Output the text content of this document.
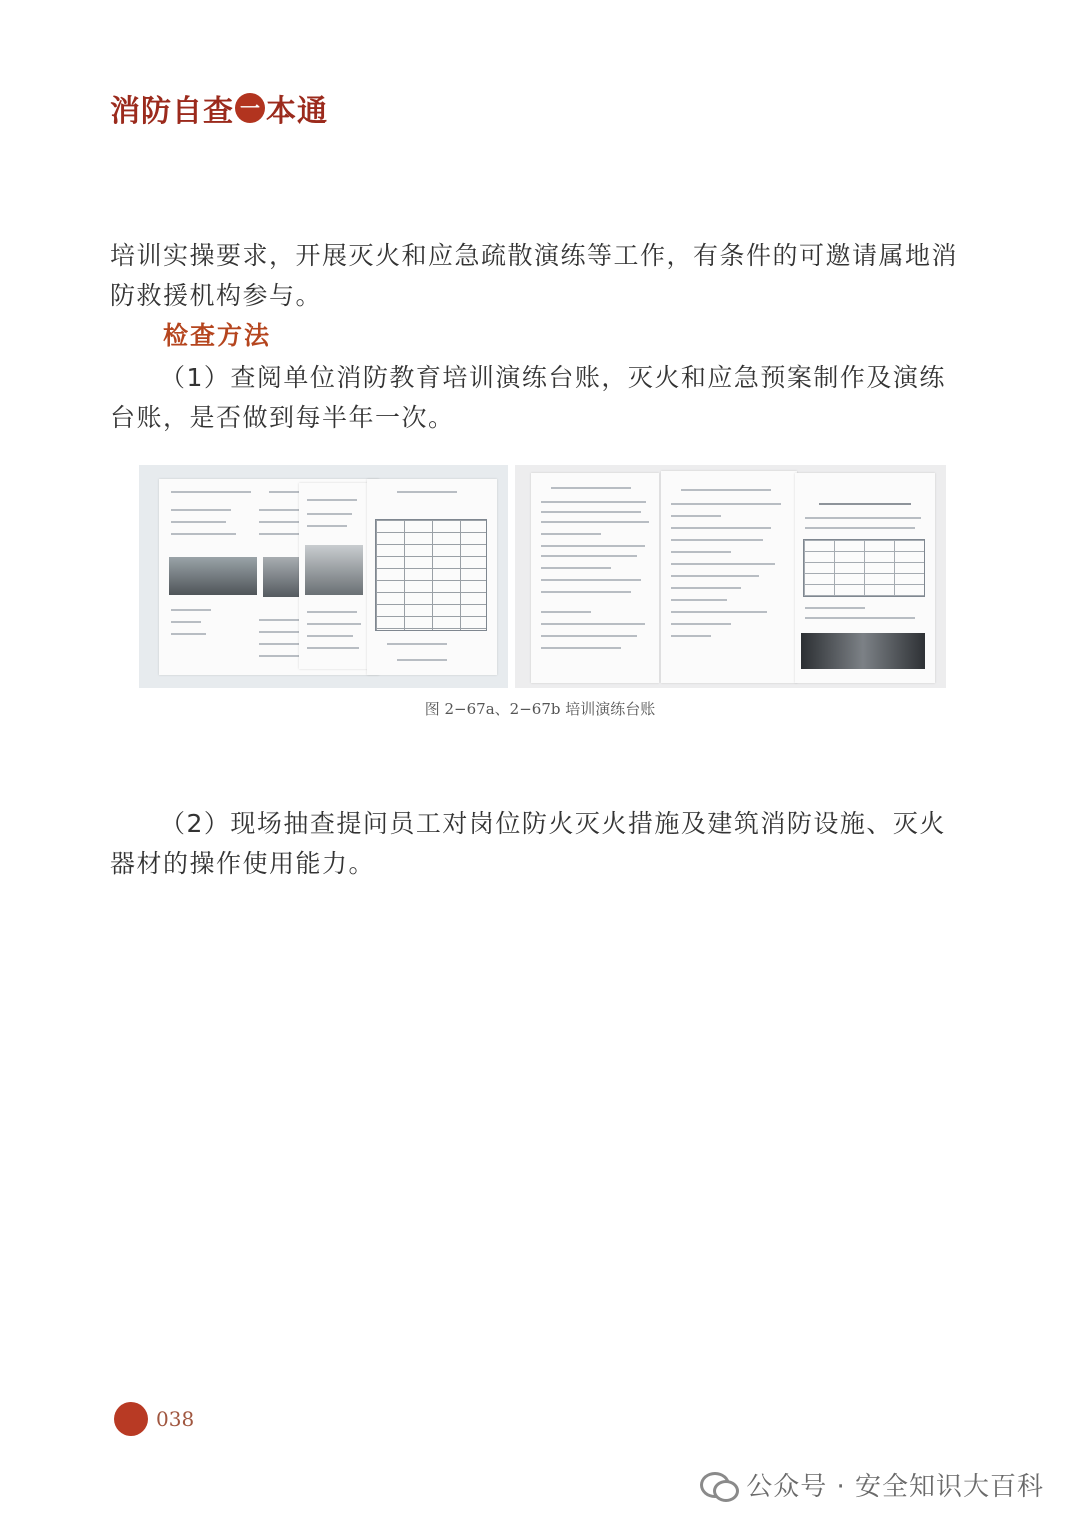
消 防 自 查 一 本 通
培训实操要求，开展灭火和应急疏散演练等工作，有条件的可邀请属地消防救援机构参与。
检查方法
（1）查阅单位消防教育培训演练台账，灭火和应急预案制作及演练台账，是否做到每半年一次。
图 2−67a、2−67b 培训演练台账
（2）现场抽查提问员工对岗位防火灭火措施及建筑消防设施、灭火器材的操作使用能力。
038
公众号 · 安全知识大百科
